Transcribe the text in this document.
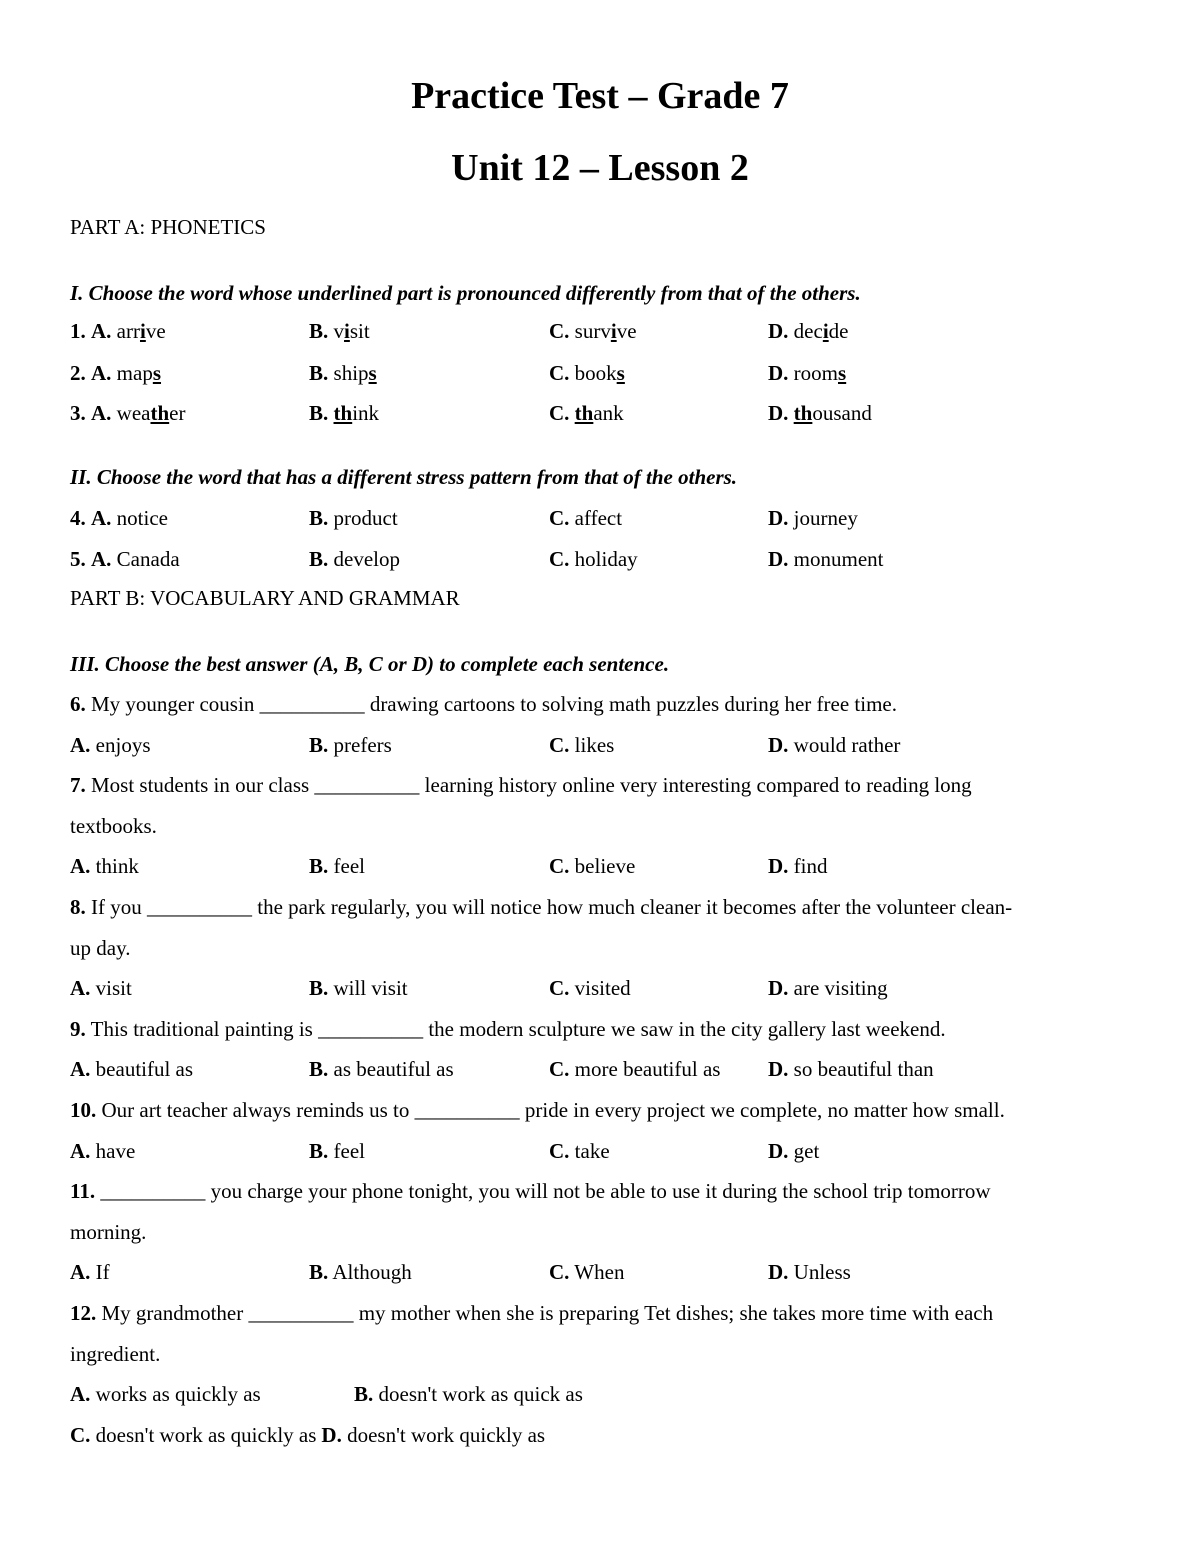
Practice Test – Grade 7
Unit 12 – Lesson 2
PART A: PHONETICS
I. Choose the word whose underlined part is pronounced differently from that of the others.
1. A. arrive	B. visit	C. survive	D. decide
2. A. maps	B. ships	C. books	D. rooms
3. A. weather	B. think	C. thank	D. thousand
II. Choose the word that has a different stress pattern from that of the others.
4. A. notice	B. product	C. affect	D. journey
5. A. Canada	B. develop	C. holiday	D. monument
PART B: VOCABULARY AND GRAMMAR
III. Choose the best answer (A, B, C or D) to complete each sentence.
6. My younger cousin __________ drawing cartoons to solving math puzzles during her free time.
A. enjoys	B. prefers	C. likes	D. would rather
7. Most students in our class __________ learning history online very interesting compared to reading long
textbooks.
A. think	B. feel	C. believe	D. find
8. If you __________ the park regularly, you will notice how much cleaner it becomes after the volunteer clean-
up day.
A. visit	B. will visit	C. visited	D. are visiting
9. This traditional painting is __________ the modern sculpture we saw in the city gallery last weekend.
A. beautiful as	B. as beautiful as	C. more beautiful as D. so beautiful than
10. Our art teacher always reminds us to __________ pride in every project we complete, no matter how small.
A. have	B. feel	C. take	D. get
11. __________ you charge your phone tonight, you will not be able to use it during the school trip tomorrow
morning.
A. If	B. Although	C. When	D. Unless
12. My grandmother __________ my mother when she is preparing Tet dishes; she takes more time with each
ingredient.
A. works as quickly as	B. doesn't work as quick as
C. doesn't work as quickly as D. doesn't work quickly as
